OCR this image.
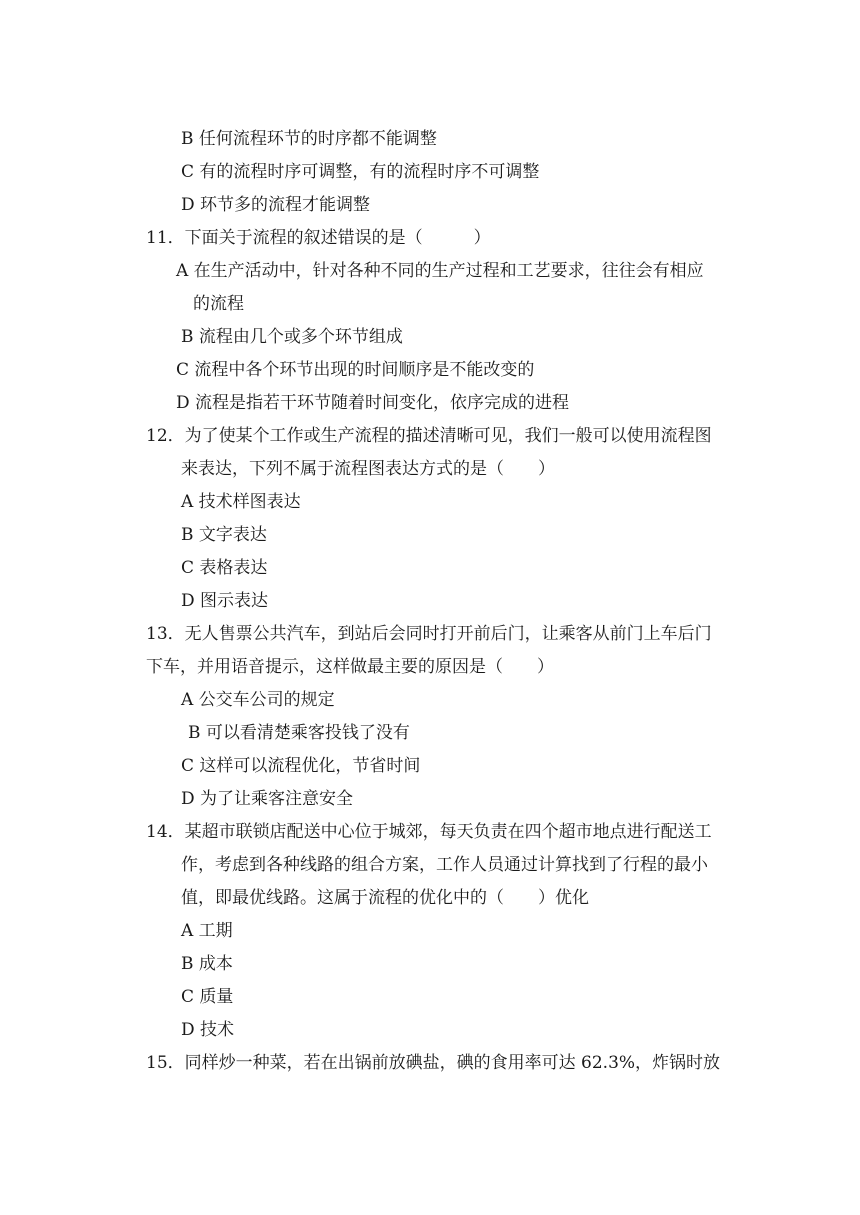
B 任何流程环节的时序都不能调整
C 有的流程时序可调整，有的流程时序不可调整
D 环节多的流程才能调整
11．下面关于流程的叙述错误的是（　　　）
A 在生产活动中，针对各种不同的生产过程和工艺要求，往往会有相应
的流程
B 流程由几个或多个环节组成
C 流程中各个环节出现的时间顺序是不能改变的
D 流程是指若干环节随着时间变化，依序完成的进程
12．为了使某个工作或生产流程的描述清晰可见，我们一般可以使用流程图
来表达，下列不属于流程图表达方式的是（　　）
A 技术样图表达
B 文字表达
C 表格表达
D 图示表达
13．无人售票公共汽车，到站后会同时打开前后门，让乘客从前门上车后门
下车，并用语音提示，这样做最主要的原因是（　　）
A 公交车公司的规定
B 可以看清楚乘客投钱了没有
C 这样可以流程优化，节省时间
D 为了让乘客注意安全
14．某超市联锁店配送中心位于城郊，每天负责在四个超市地点进行配送工
作，考虑到各种线路的组合方案，工作人员通过计算找到了行程的最小
值，即最优线路。这属于流程的优化中的（　　）优化
A 工期
B 成本
C 质量
D 技术
15．同样炒一种菜，若在出锅前放碘盐，碘的食用率可达 62.3%，炸锅时放
